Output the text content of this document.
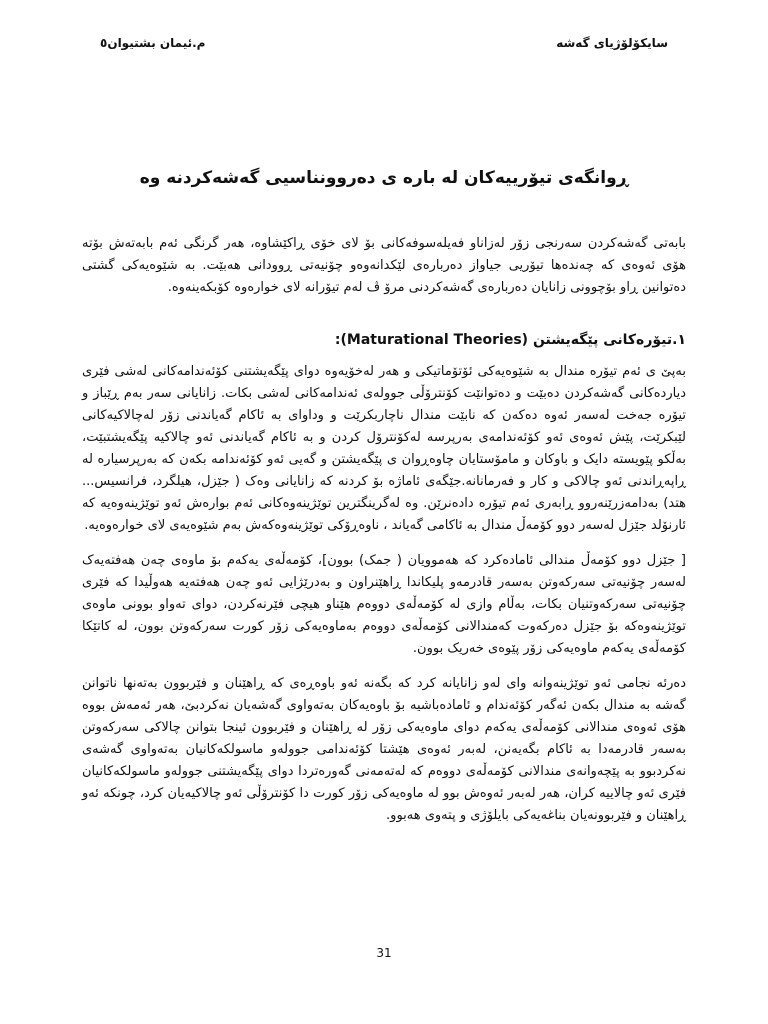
م.ئیمان بشتیوان٥	سایکۆلۆژیای گەشە
ڕوانگەی تیۆرییەکان لە بارە ی دەروونناسیی گەشەکردنە وە

بابەتی گەشەکردن سەرنجی زۆر لەزاناو فەیلەسوفەکانی بۆ لای خۆی ڕاکێشاوە، هەر گرنگی ئەم بابەتەش بۆتە هۆی ئەوەی کە چەندەها تیۆریی جیاواز دەربارەی لێکدانەوەو چۆنیەتی ڕوودانی هەبێت. بە شێوەیەکی گشتی دەتوانین ڕاو بۆچوونی زانایان دەربارەی گەشەکردنی مرۆ ڤ لەم تیۆرانە لای خوارەوە کۆبکەینەوە.

١.تیۆرەکانی پێگەیشتن (Maturational Theories):

بەپێ ی ئەم تیۆرە مندال بە شێوەیەکی ئۆتۆماتیکی و هەر لەخۆیەوە دوای پێگەیشتنی کۆئەندامەکانی لەشی فێری دیاردەکانی گەشەکردن دەبێت و دەتوانێت کۆنترۆڵی جوولەی ئەندامەکانی لەشی بکات. زانایانی سەر بەم ڕێباز و تیۆرە جەخت لەسەر ئەوە دەکەن کە نابێت مندال ناچاربکرێت و وداوای بە ئاکام گەیاندنی زۆر لەچالاکیەکانی لێبکرێت، پێش ئەوەی ئەو کۆئەندامەی بەرپرسە لەکۆنترۆل کردن و بە ئاکام گەیاندنی ئەو چالاکیە پێگەیشتبێت، بەڵکو پێویستە دایک و باوکان و مامۆستایان چاوەڕوان ی پێگەیشتن و گەیی ئەو کۆئەندامە بکەن کە بەرپرسیارە لە ڕاپەڕاندنی ئەو چالاکی و کار و فەرمانانە.جێگەی ئاماژە بۆ کردنە کە زانایانی وەک ( جێزل، هیلگرد، فرانسیس... هتد) بەدامەزرێنەروو ڕابەری ئەم تیۆرە دادەنرێن. وە لەگرینگترین توێژینەوەکانی ئەم بوارەش ئەو توێژینەوەیە کە ئارنۆلد جێزل لەسەر دوو کۆمەڵ مندال بە ئاکامی گەیاند ، ناوەڕۆکی توێژینەوەکەش بەم شێوەیەی لای خوارەوەیە.

[ جێزل دوو کۆمەڵ مندالی ئامادەکرد کە هەموویان ( جمک) بوون]، کۆمەڵەی یەکەم بۆ ماوەی چەن هەفتەیەک لەسەر چۆنیەتی سەرکەوتن بەسەر قادرمەو پلیکاندا ڕاهێنراون و بەدرێژایی ئەو چەن هەفتەیە هەوڵیدا کە فێری چۆنیەتی سەرکەوتنیان بکات، بەڵام وازی لە کۆمەڵەی دووەم هێناو هیچی فێرنەکردن، دوای تەواو بوونی ماوەی توێژینەوەکە بۆ جێزل دەرکەوت کەمندالانی کۆمەڵەی دووەم بەماوەیەکی زۆر کورت سەرکەوتن بوون، لە کاتێکا کۆمەڵەی یەکەم ماوەیەکی زۆر پێوەی خەریک بوون.

دەرئە نجامی ئەو توێژینەوانە وای لەو زانایانە کرد کە بگەنە ئەو باوەڕەی کە ڕاهێنان و فێربوون بەتەنها ناتوانن گەشە بە مندال بکەن ئەگەر کۆئەندام و ئامادەباشیە بۆ باوەیەکان بەتەواوی گەشەیان نەکردبێ، هەر ئەمەش بووە هۆی ئەوەی مندالانی کۆمەڵەی یەکەم دوای ماوەیەکی زۆر لە ڕاهێنان و فێربوون ئینجا بتوانن چالاکی سەرکەوتن بەسەر قادرمەدا بە ئاکام بگەیەنن، لەبەر ئەوەی هێشتا کۆئەندامی جوولەو ماسولکەکانیان بەتەواوی گەشەی نەکردبوو بە پێچەوانەی مندالانی کۆمەڵەی دووەم کە لەتەمەنی گەورەتردا دوای پێگەیشتنی جوولەو ماسولکەکانیان فێری ئەو چالاییە کران، هەر لەبەر ئەوەش بوو لە ماوەیەکی زۆر کورت دا کۆنترۆڵی ئەو چالاکیەیان کرد، چونکە ئەو ڕاهێنان و فێربوونەیان بناغەیەکی بایلۆژی و پتەوی هەبوو.

31
